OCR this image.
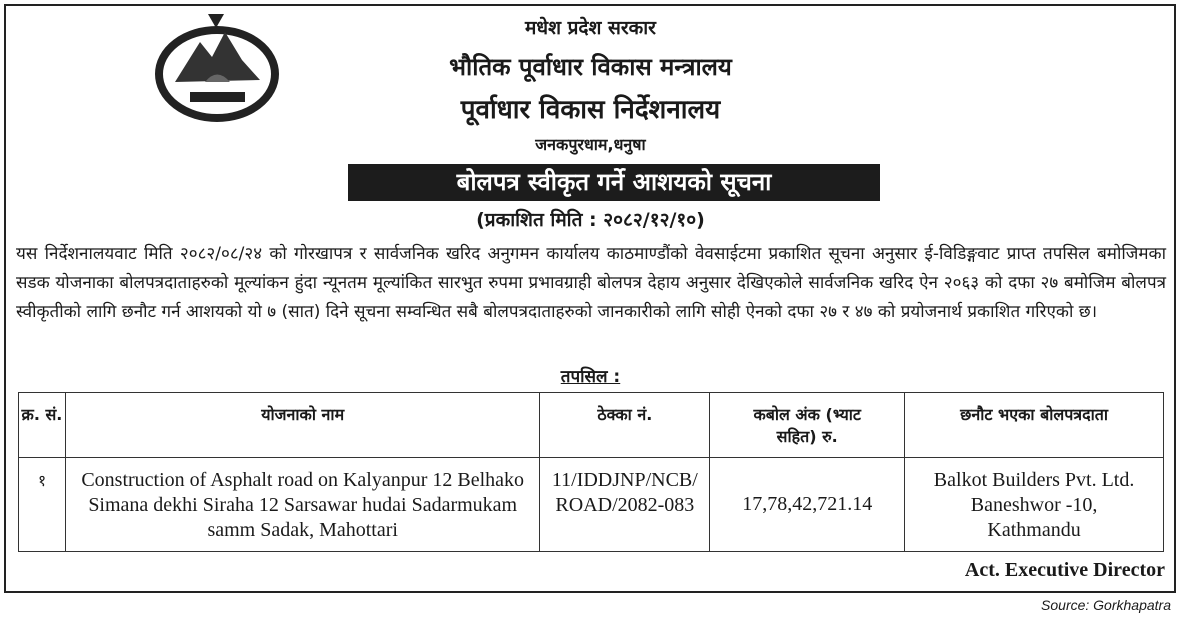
मधेश प्रदेश सरकार
भौतिक पूर्वाधार विकास मन्त्रालय
पूर्वाधार विकास निर्देशनालय
जनकपुरधाम,धनुषा
बोलपत्र स्वीकृत गर्ने आशयको सूचना
(प्रकाशित मिति : २०८२/१२/१०)
यस निर्देशनालयवाट मिति २०८२/०८/२४ को गोरखापत्र र सार्वजनिक खरिद अनुगमन कार्यालय काठमाण्डौंको वेवसाईटमा प्रकाशित सूचना अनुसार ई-विडिङ्गवाट प्राप्त तपसिल बमोजिमका सडक योजनाका बोलपत्रदाताहरुको मूल्यांकन हुंदा न्यूनतम मूल्यांकित सारभुत रुपमा प्रभावग्राही बोलपत्र देहाय अनुसार देखिएकोले सार्वजनिक खरिद ऐन २०६३ को दफा २७ बमोजिम बोलपत्र स्वीकृतीको लागि छनौट गर्न आशयको यो ७ (सात) दिने सूचना सम्वन्धित सबै बोलपत्रदाताहरुको जानकारीको लागि सोही ऐनको दफा २७ र ४७ को प्रयोजनार्थ प्रकाशित गरिएको छ।
तपसिल :
क्र. सं.	योजनाको नाम	ठेक्का नं.	कबोल अंक (भ्याट सहित) रु.	छनौट भएका बोलपत्रदाता
१	Construction of Asphalt road on Kalyanpur 12 Belhako Simana dekhi Siraha 12 Sarsawar hudai Sadarmukam samm Sadak, Mahottari	11/IDDJNP/NCB/ROAD/2082-083	17,78,42,721.14	Balkot Builders Pvt. Ltd. Baneshwor -10, Kathmandu
Act. Executive Director
Source: Gorkhapatra
